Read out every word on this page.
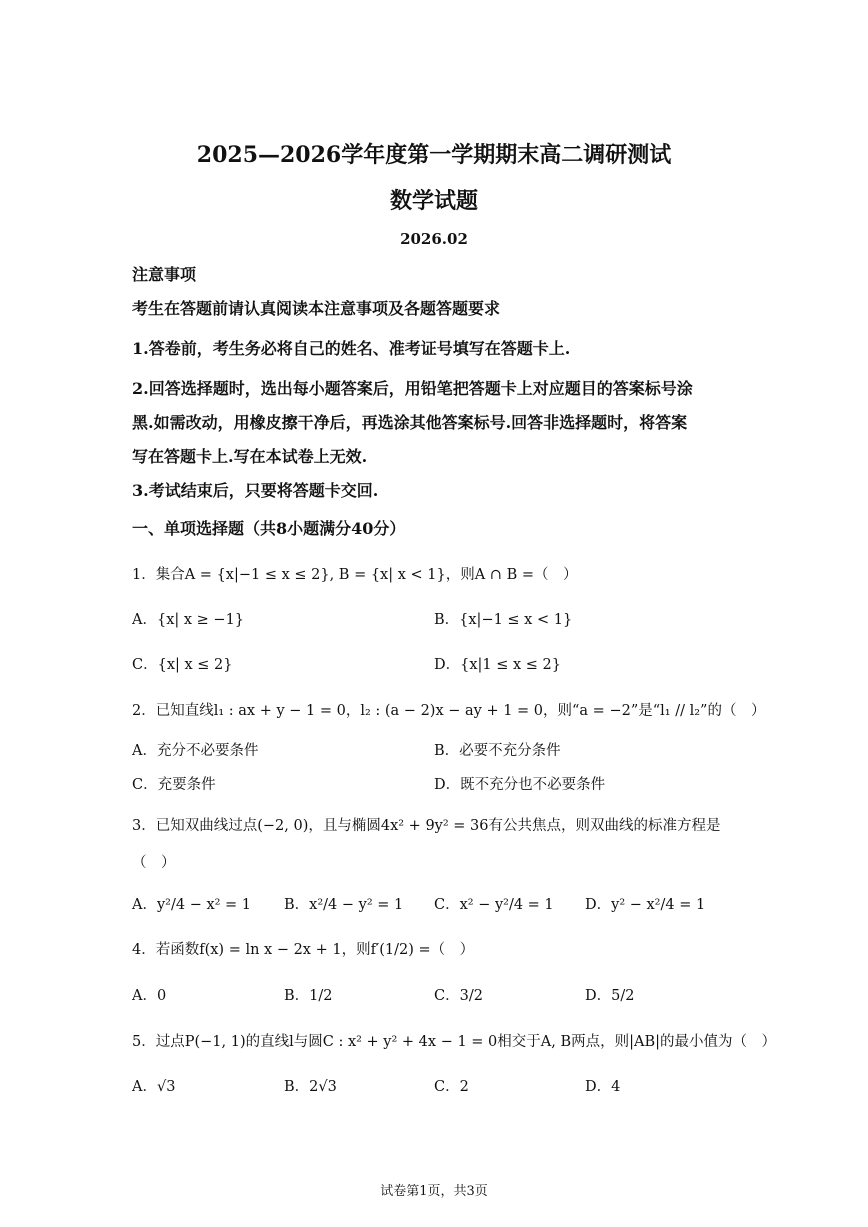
2025—2026学年度第一学期期末高二调研测试
数学试题
2026.02
注意事项
考生在答题前请认真阅读本注意事项及各题答题要求
1.答卷前，考生务必将自己的姓名、准考证号填写在答题卡上.
2.回答选择题时，选出每小题答案后，用铅笔把答题卡上对应题目的答案标号涂
黑.如需改动，用橡皮擦干净后，再选涂其他答案标号.回答非选择题时，将答案
写在答题卡上.写在本试卷上无效.
3.考试结束后，只要将答题卡交回.
一、单项选择题（共8小题满分40分）
1．集合A = {x|−1 ≤ x ≤ 2}, B = {x| x < 1}，则A ∩ B =（　）
A．{x| x ≥ −1}	B．{x|−1 ≤ x < 1}
C．{x| x ≤ 2}	D．{x|1 ≤ x ≤ 2}
2．已知直线l₁ : ax + y − 1 = 0，l₂ : (a − 2)x − ay + 1 = 0，则“a = −2”是“l₁ // l₂”的（　）
A．充分不必要条件	B．必要不充分条件
C．充要条件	D．既不充分也不必要条件
3．已知双曲线过点(−2, 0)，且与椭圆4x² + 9y² = 36有公共焦点，则双曲线的标准方程是
（　）
A．y²/4 − x² = 1 B．x²/4 − y² = 1 C．x² − y²/4 = 1 D．y² − x²/4 = 1
4．若函数f(x) = ln x − 2x + 1，则f′(1/2) =（　）
A．0	B．1/2	C．3/2	D．5/2
5．过点P(−1, 1)的直线l与圆C : x² + y² + 4x − 1 = 0相交于A, B两点，则|AB|的最小值为（　）
A．√3	B．2√3	C．2	D．4
试卷第1页，共3页
